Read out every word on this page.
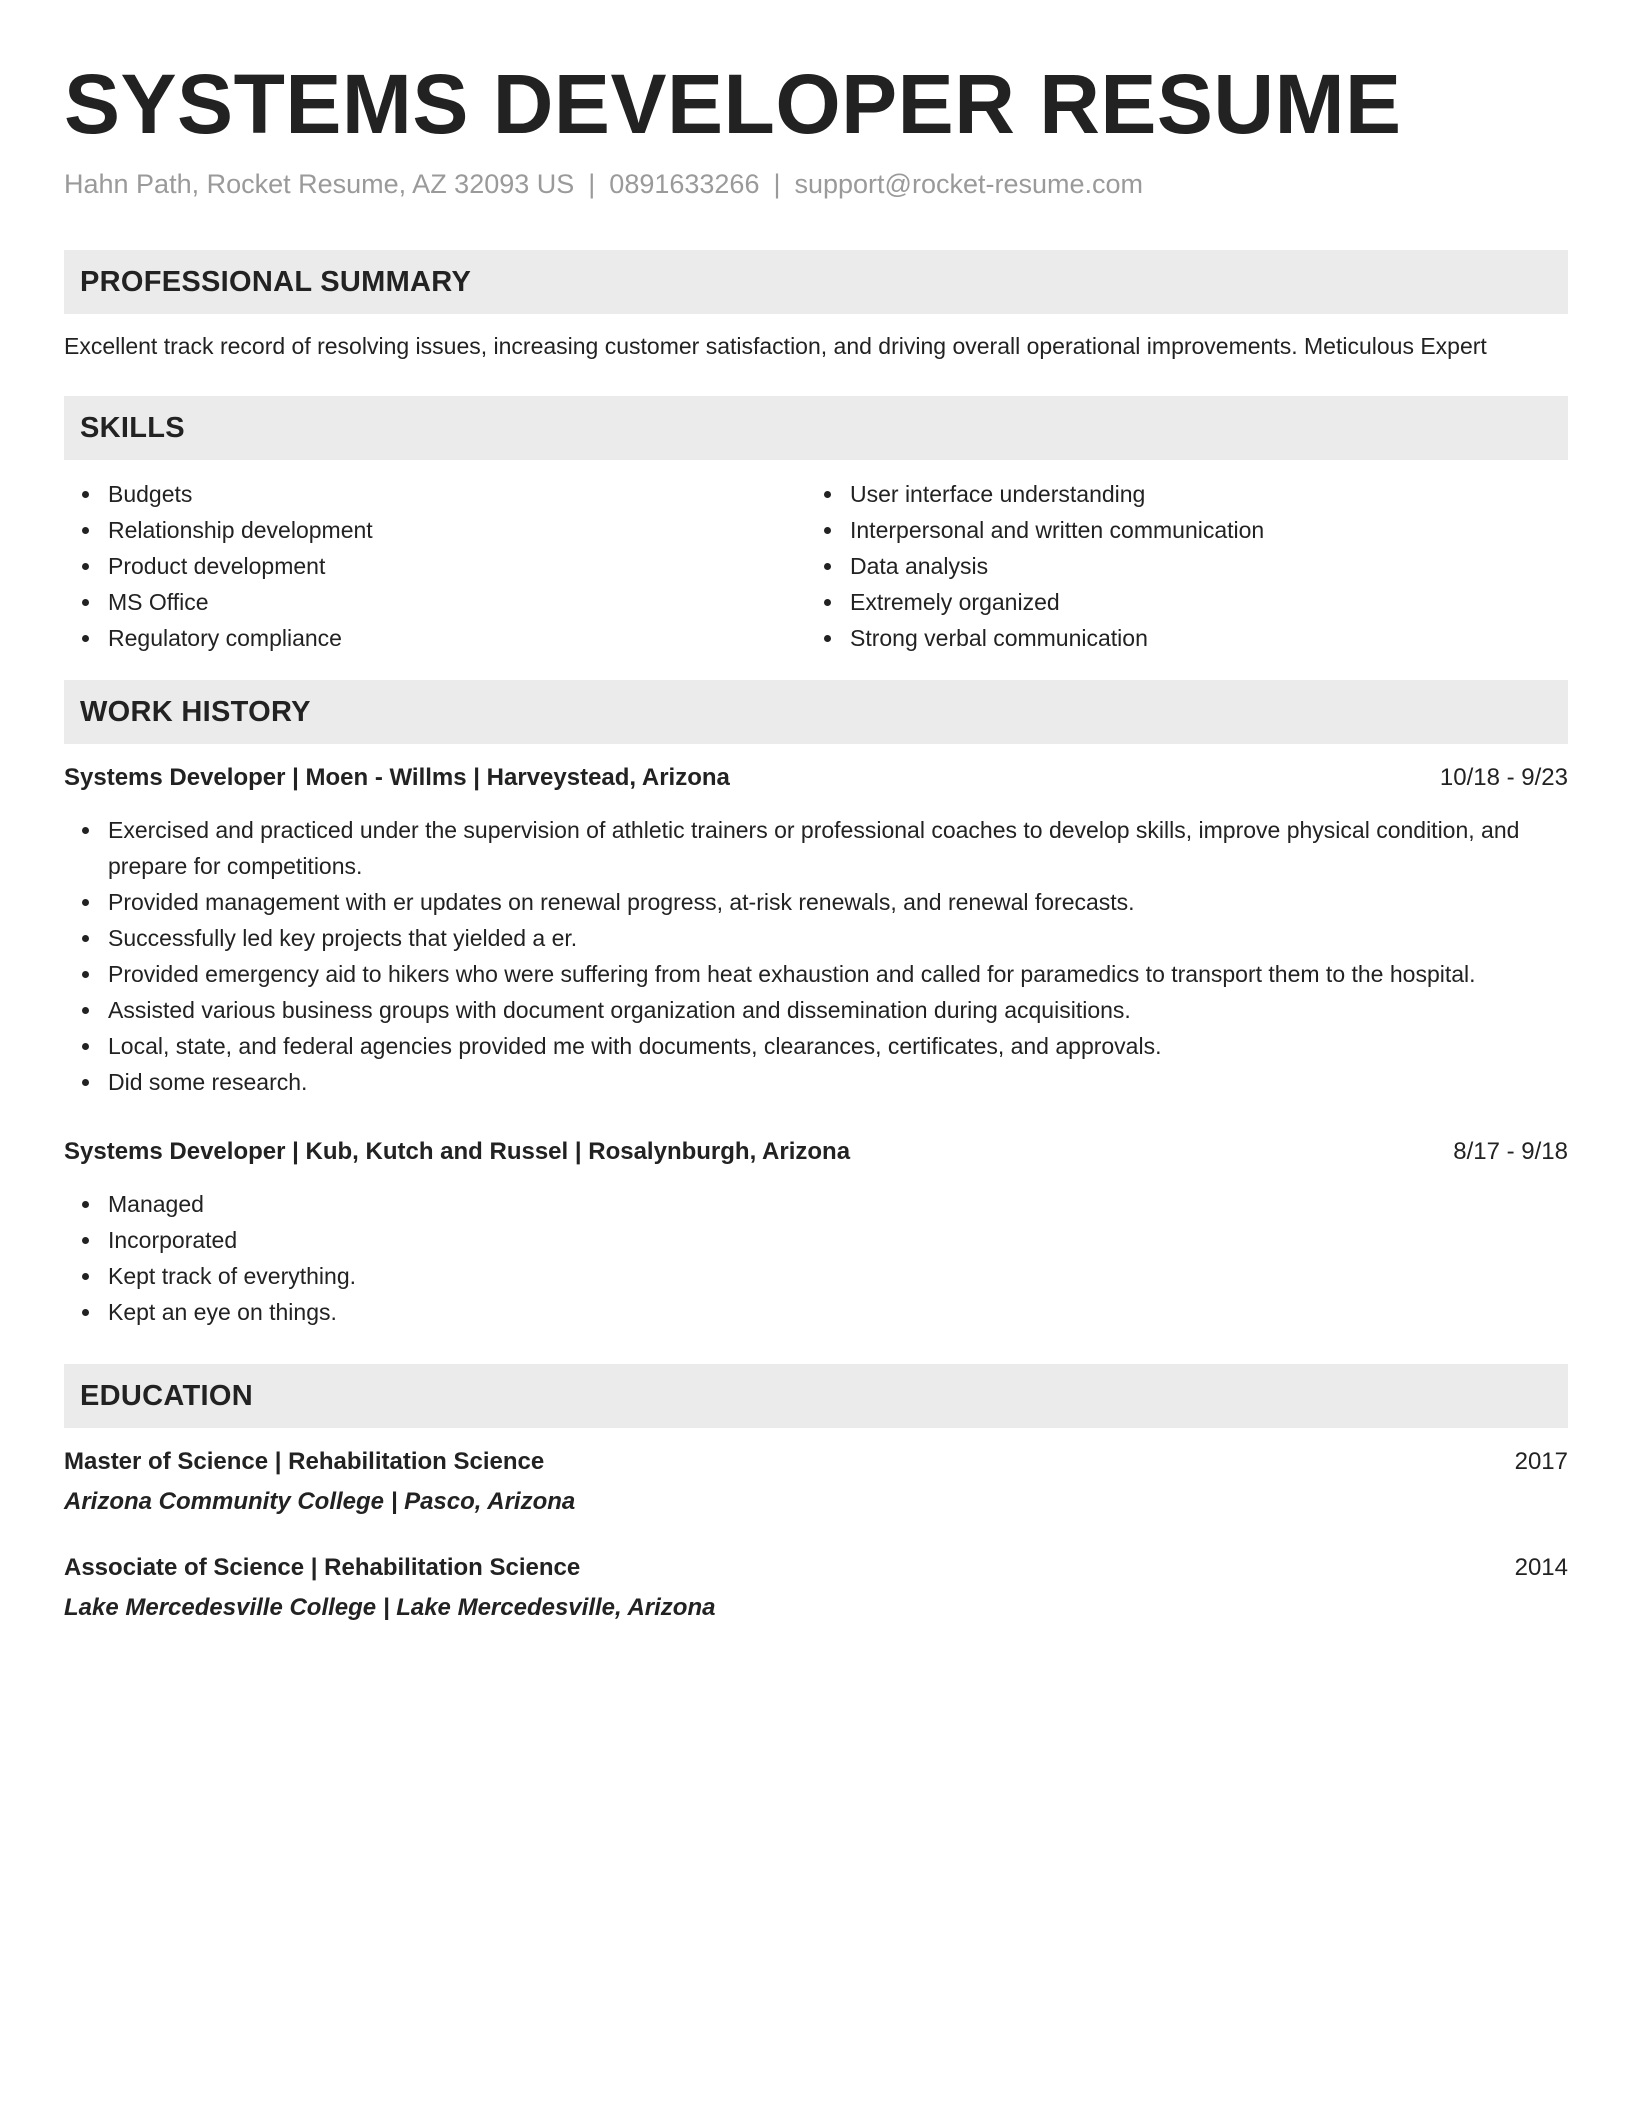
SYSTEMS DEVELOPER RESUME
Hahn Path, Rocket Resume, AZ 32093 US | 0891633266 | support@rocket-resume.com
PROFESSIONAL SUMMARY
Excellent track record of resolving issues, increasing customer satisfaction, and driving overall operational improvements. Meticulous Expert
SKILLS
Budgets
Relationship development
Product development
MS Office
Regulatory compliance
User interface understanding
Interpersonal and written communication
Data analysis
Extremely organized
Strong verbal communication
WORK HISTORY
Systems Developer | Moen - Willms | Harveystead, Arizona	10/18 - 9/23
Exercised and practiced under the supervision of athletic trainers or professional coaches to develop skills, improve physical condition, and prepare for competitions.
Provided management with er updates on renewal progress, at-risk renewals, and renewal forecasts.
Successfully led key projects that yielded a er.
Provided emergency aid to hikers who were suffering from heat exhaustion and called for paramedics to transport them to the hospital.
Assisted various business groups with document organization and dissemination during acquisitions.
Local, state, and federal agencies provided me with documents, clearances, certificates, and approvals.
Did some research.
Systems Developer | Kub, Kutch and Russel | Rosalynburgh, Arizona	8/17 - 9/18
Managed
Incorporated
Kept track of everything.
Kept an eye on things.
EDUCATION
Master of Science | Rehabilitation Science	2017
Arizona Community College | Pasco, Arizona
Associate of Science | Rehabilitation Science	2014
Lake Mercedesville College | Lake Mercedesville, Arizona
